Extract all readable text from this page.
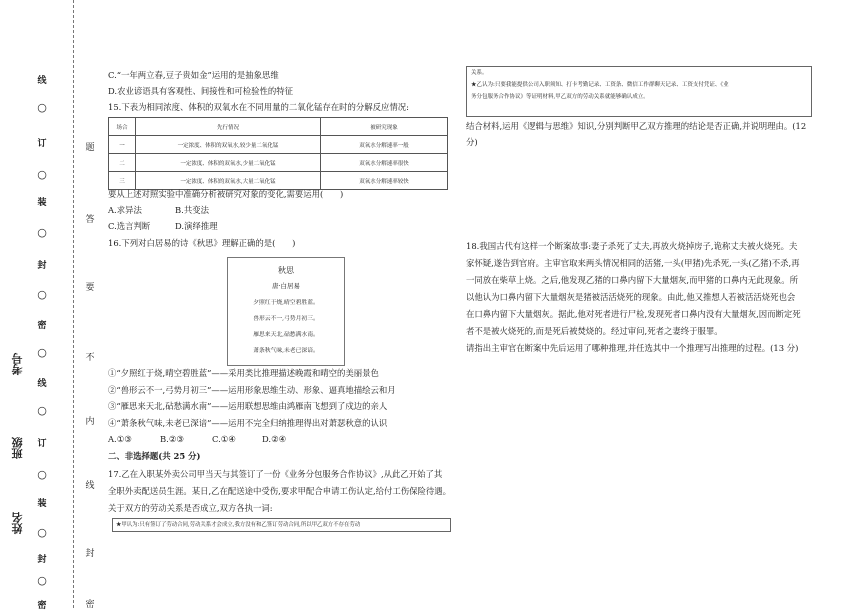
线
○
订
○
装
○
封
○
密
○
线
○
订
○
装
○
封
○
密
题
答
要
不
内
线
封
密
考号
班级
姓名
C.“一年两立春,豆子贵如金”运用的是抽象思维
D.农业谚语具有客观性、间接性和可检验性的特征
15.下表为相同浓度、体积的双氧水在不同用量的二氧化锰存在时的分解反应情况:
场合	先行情况	被研究现象
一	一定浓度、体积的双氧水,较少量二氧化锰	双氧水分解速率一般
二	一定浓度、体积的双氧水,少量二氧化锰	双氧水分解速率很快
三	一定浓度、体积的双氧水,大量二氧化锰	双氧水分解速率较快
要从上述对照实验中准确分析被研究对象的变化,需要运用(　　)
A.求异法	B.共变法
C.选言判断	D.演绎推理
16.下列对白居易的诗《秋思》理解正确的是(　　)
秋思
唐·白居易
夕照红于烧,晴空碧胜蓝。
兽形云不一,弓势月初三。
雁思来天北,砧愁满水南。
萧条秋气味,未老已深谙。
①“夕照红于烧,晴空碧胜蓝”——采用类比推理描述晚霞和晴空的美丽景色
②“兽形云不一,弓势月初三”——运用形象思维生动、形象、逼真地描绘云和月
③“雁思来天北,砧愁满水南”——运用联想思维由鸿雁南飞想到了戍边的亲人
④“萧条秋气味,未老已深谙”——运用不完全归纳推理得出对萧瑟秋意的认识
A.①③	B.②③	C.①④	D.②④
二、非选择题(共 25 分)
17.乙在入职某外卖公司甲当天与其签订了一份《业务分包服务合作协议》,从此乙开始了其
全职外卖配送员生涯。某日,乙在配送途中受伤,要求甲配合申请工伤认定,给付工伤保险待遇。
关于双方的劳动关系是否成立,双方各执一词:
★甲认为:只有签订了劳动合同,劳动关系才会成立,我方没有和乙签订劳动合同,所以甲乙双方不存在劳动
关系。
★乙认为:只要我能提供公司入职须知、打卡考勤记录、工资条、微信工作群聊天记录、工资支付凭证、《业
务分包服务合作协议》等证明材料,甲乙双方的劳动关系就能够确认成立。
结合材料,运用《逻辑与思维》知识,分别判断甲乙双方推理的结论是否正确,并说明理由。(12
分)
18.我国古代有这样一个断案故事:妻子杀死了丈夫,再放火烧掉房子,诡称丈夫被火烧死。夫
家怀疑,遂告到官府。主审官取来两头情况相同的活猪,一头(甲猪)先杀死,一头(乙猪)不杀,再
一同放在柴草上烧。之后,他发现乙猪的口鼻内留下大量烟灰,而甲猪的口鼻内无此现象。所
以他认为口鼻内留下大量烟灰是猪被活活烧死的现象。由此,他又推想人若被活活烧死也会
在口鼻内留下大量烟灰。据此,他对死者进行尸检,发现死者口鼻内没有大量烟灰,因而断定死
者不是被火烧死的,而是死后被焚烧的。经过审问,死者之妻终于服罪。
请指出主审官在断案中先后运用了哪种推理,并任选其中一个推理写出推理的过程。(13 分)
